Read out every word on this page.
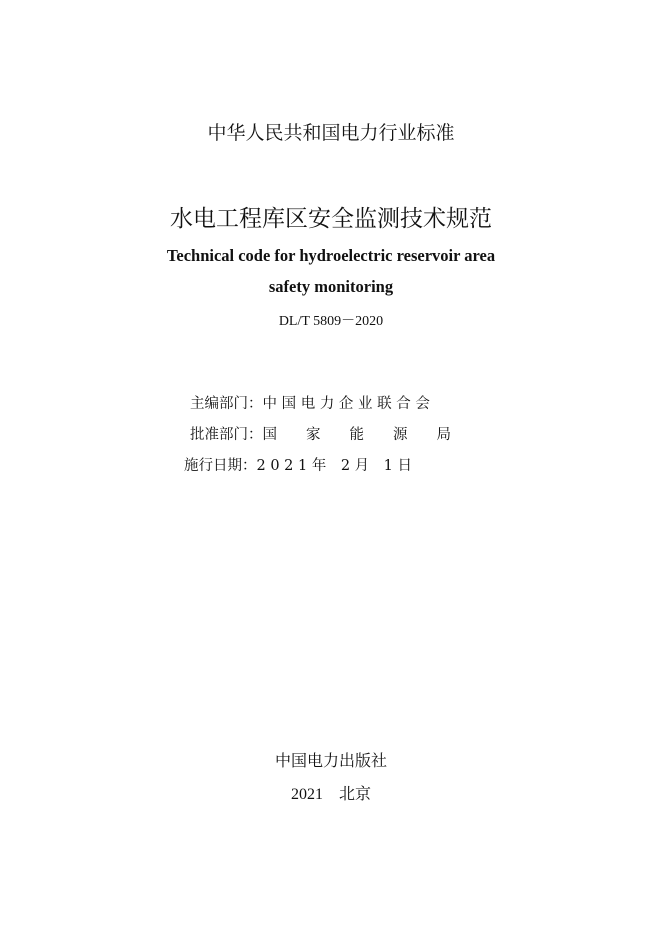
中华人民共和国电力行业标准
水电工程库区安全监测技术规范
Technical code for hydroelectric reservoir area
safety monitoring
DL/T 5809－2020
主编部门：中 国 电 力 企 业 联 合 会
批准部门：国　　家　　能　　源　　局
施行日期：2 0 2 1 年　2 月　1 日
中国电力出版社
2021　北京
